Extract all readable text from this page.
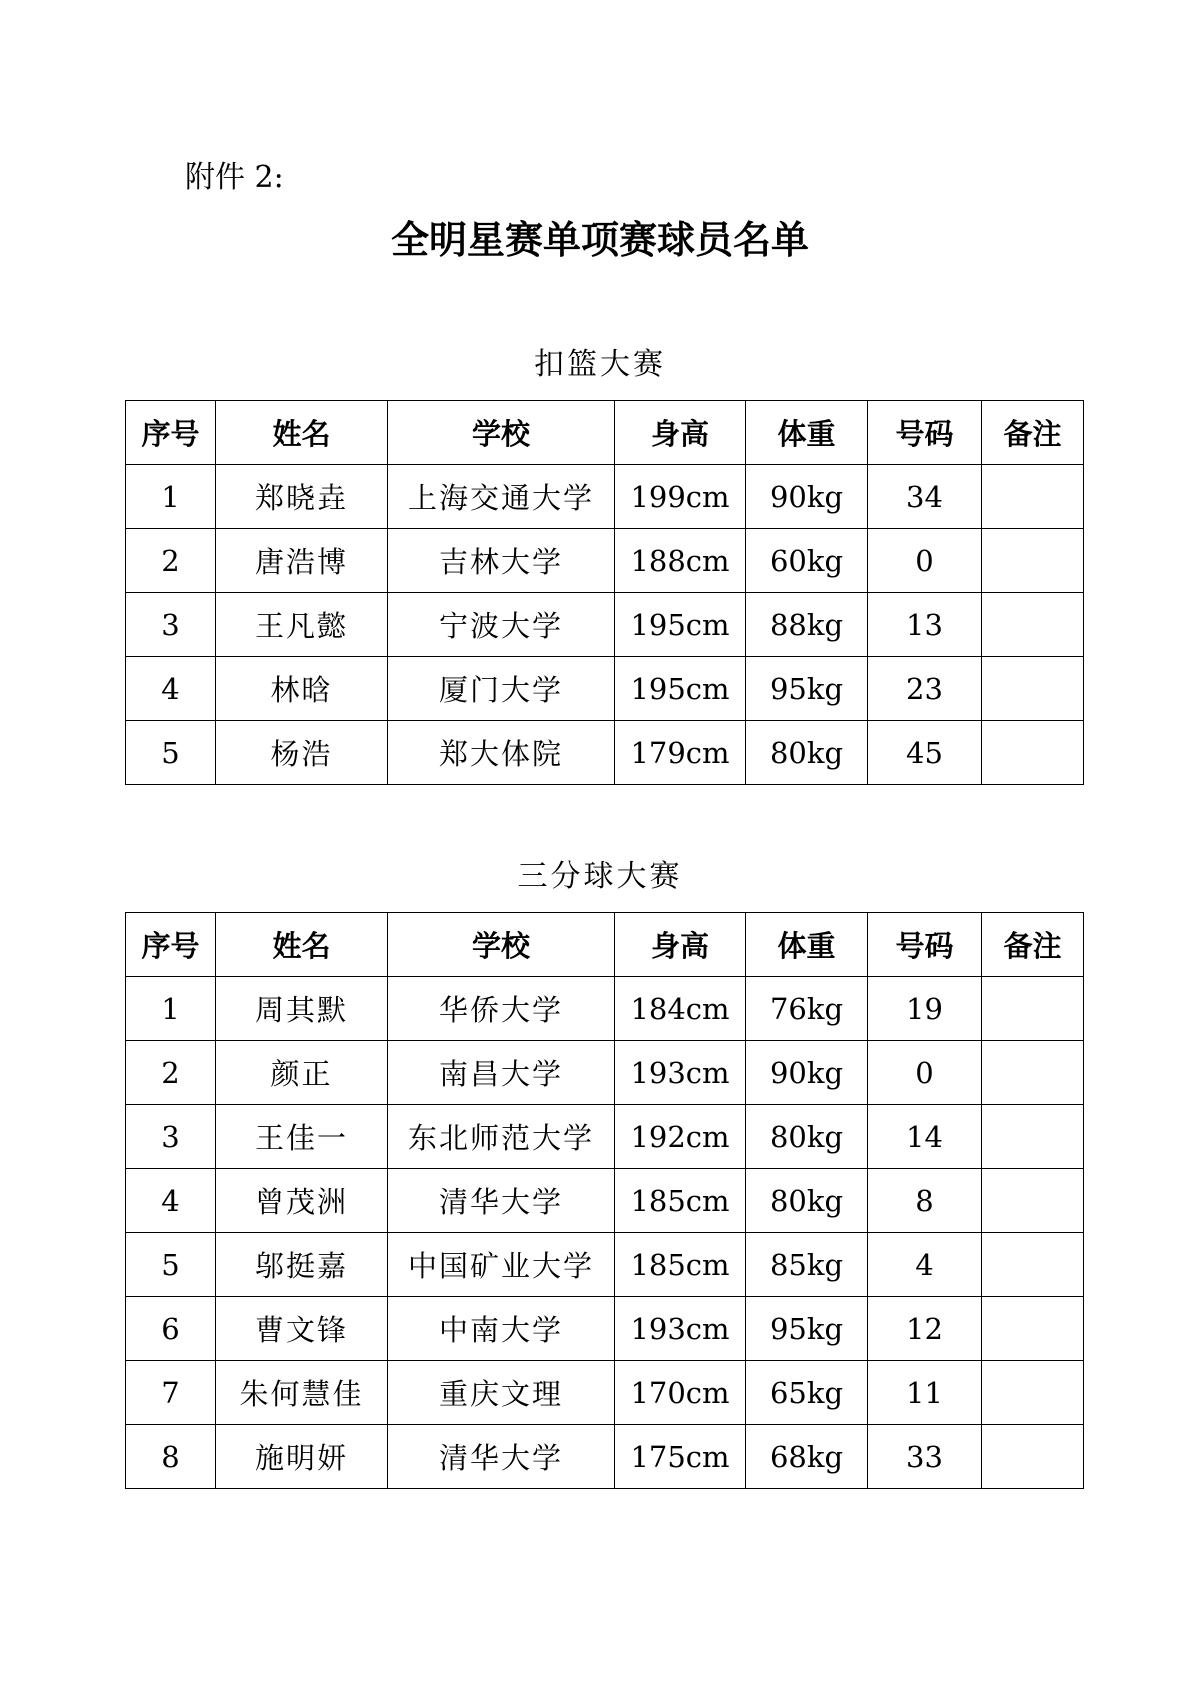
附件 2:
全明星赛单项赛球员名单
扣篮大赛
序号	姓名	学校	身高	体重	号码	备注
1	郑晓垚	上海交通大学	199cm	90kg	34	
2	唐浩博	吉林大学	188cm	60kg	0	
3	王凡懿	宁波大学	195cm	88kg	13	
4	林晗	厦门大学	195cm	95kg	23	
5	杨浩	郑大体院	179cm	80kg	45	
三分球大赛
序号	姓名	学校	身高	体重	号码	备注
1	周其默	华侨大学	184cm	76kg	19	
2	颜正	南昌大学	193cm	90kg	0	
3	王佳一	东北师范大学	192cm	80kg	14	
4	曾茂洲	清华大学	185cm	80kg	8	
5	邬挺嘉	中国矿业大学	185cm	85kg	4	
6	曹文锋	中南大学	193cm	95kg	12	
7	朱何慧佳	重庆文理	170cm	65kg	11	
8	施明妍	清华大学	175cm	68kg	33	
